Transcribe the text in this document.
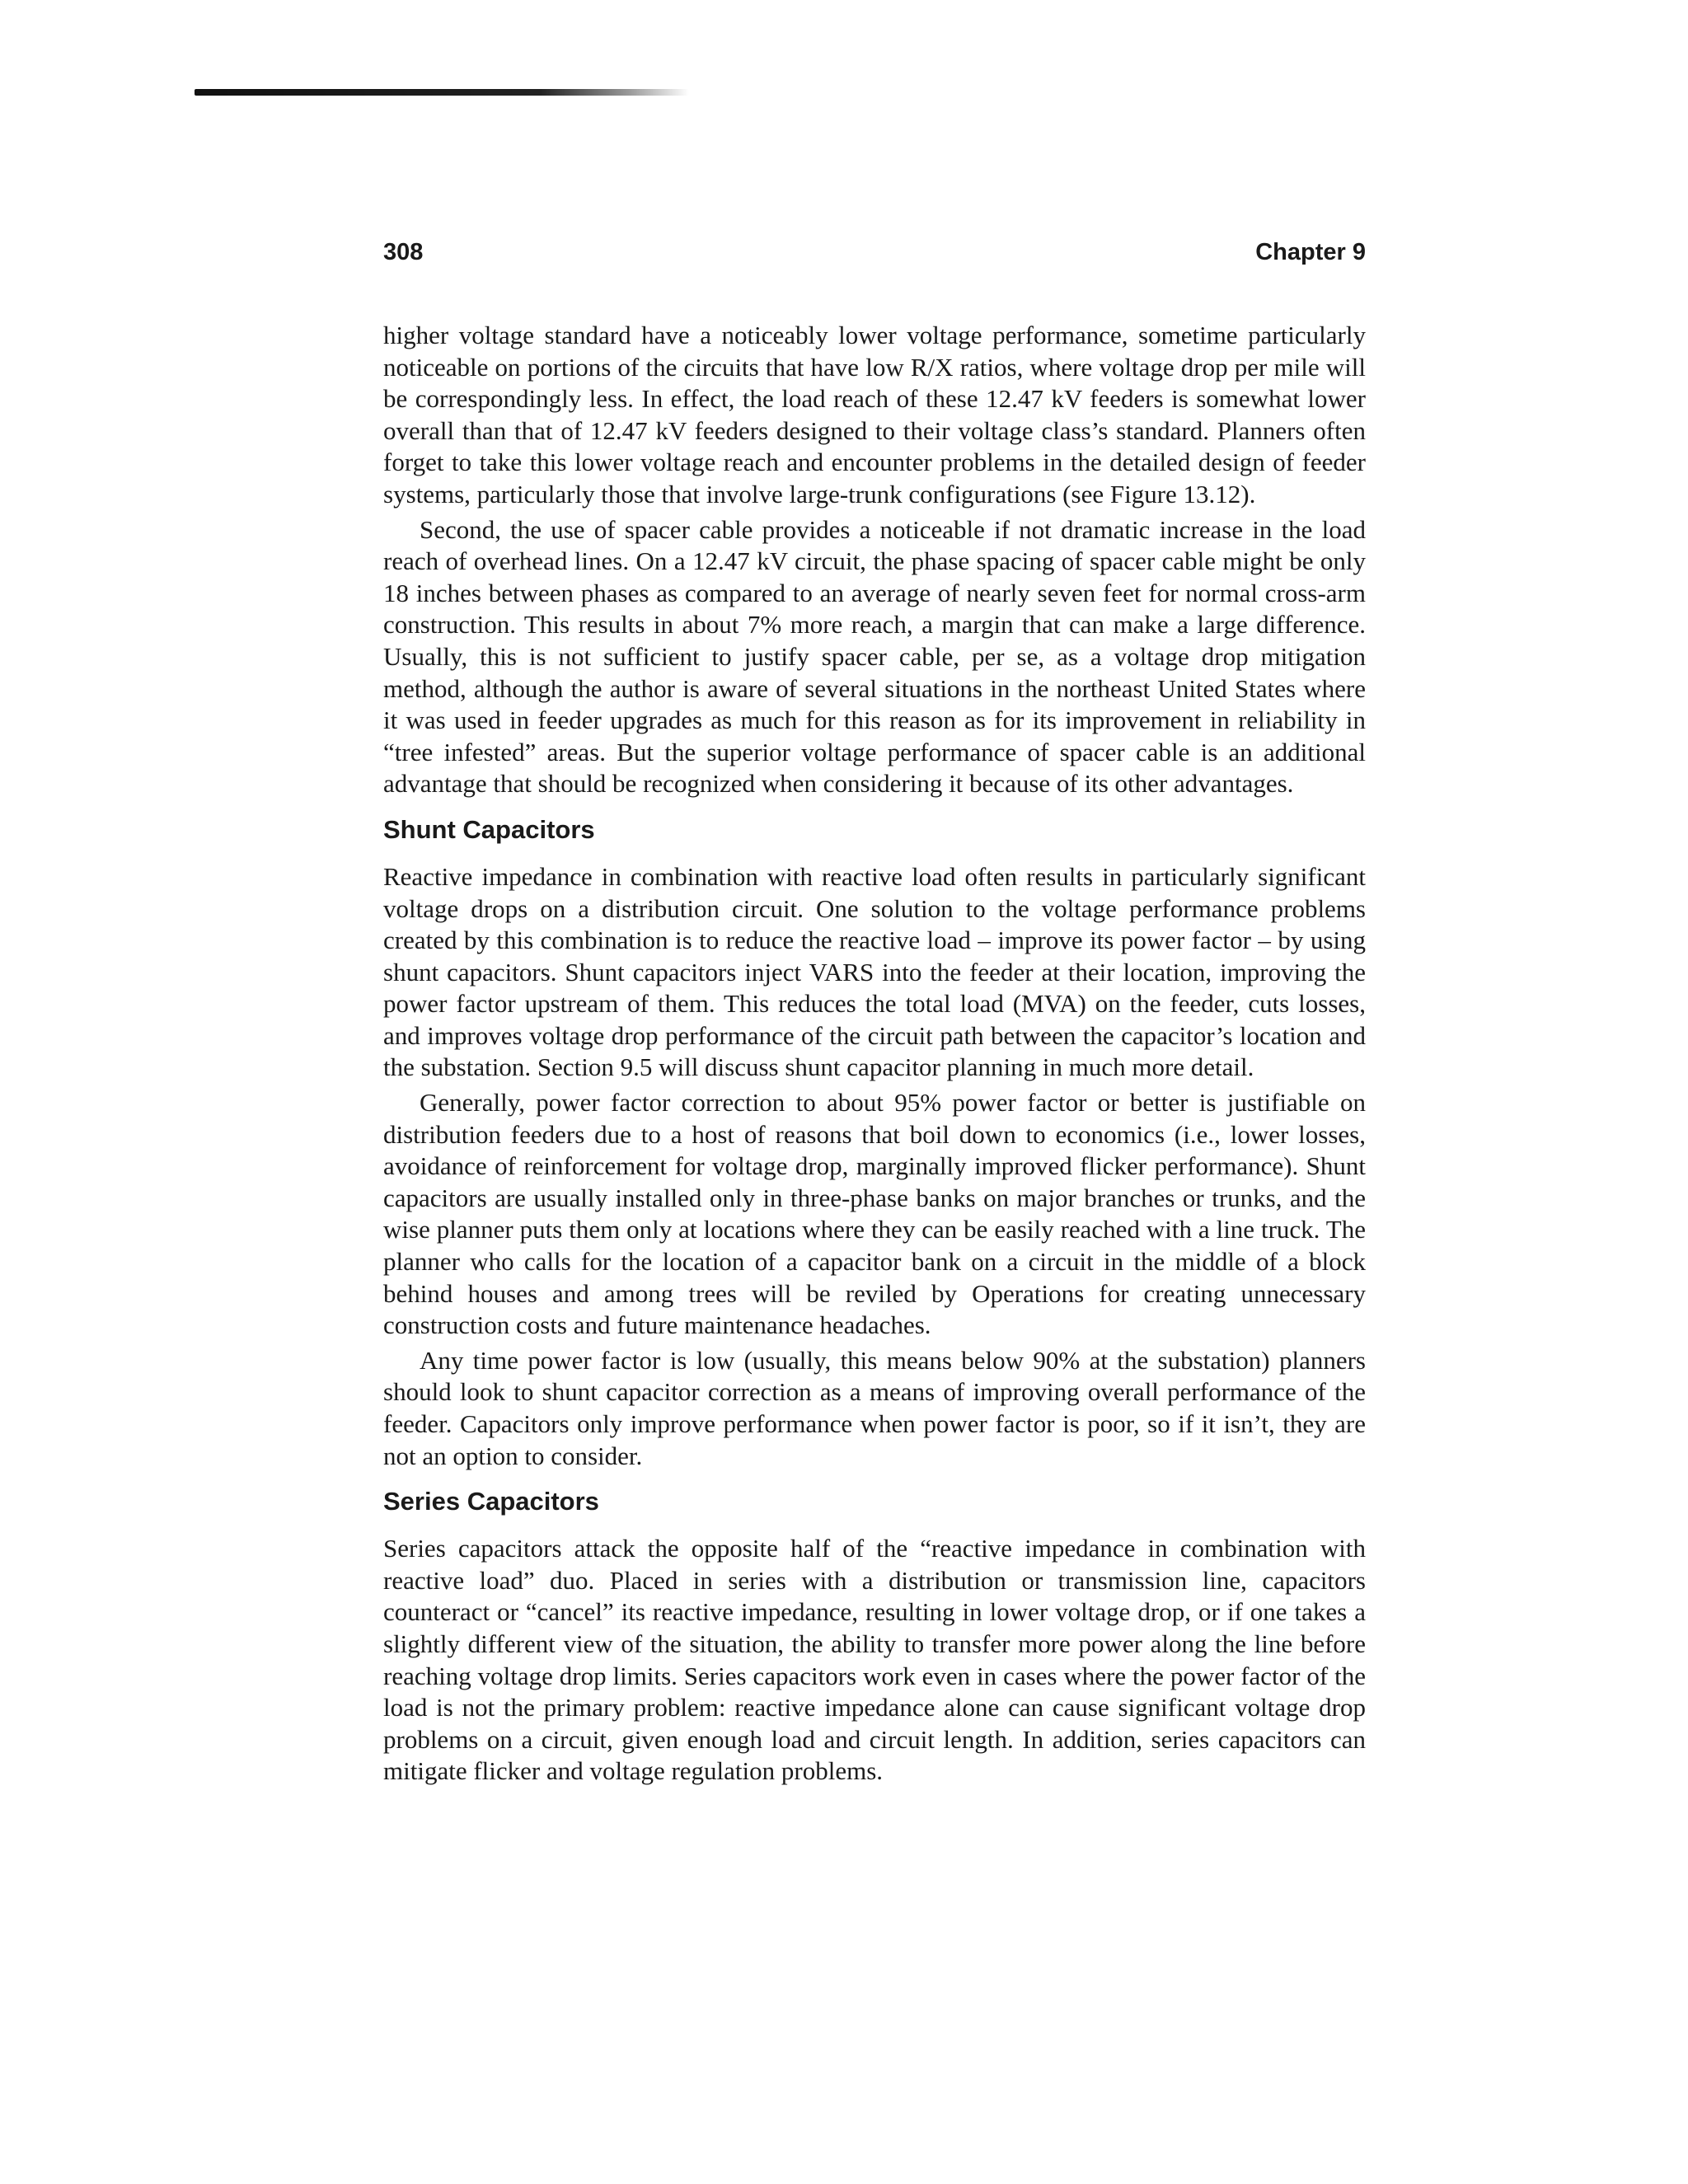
308	Chapter 9

higher voltage standard have a noticeably lower voltage performance, sometime particularly noticeable on portions of the circuits that have low R/X ratios, where voltage drop per mile will be correspondingly less. In effect, the load reach of these 12.47 kV feeders is somewhat lower overall than that of 12.47 kV feeders designed to their voltage class’s standard. Planners often forget to take this lower voltage reach and encounter problems in the detailed design of feeder systems, particularly those that involve large-trunk configurations (see Figure 13.12).

Second, the use of spacer cable provides a noticeable if not dramatic increase in the load reach of overhead lines. On a 12.47 kV circuit, the phase spacing of spacer cable might be only 18 inches between phases as compared to an average of nearly seven feet for normal cross-arm construction. This results in about 7% more reach, a margin that can make a large difference. Usually, this is not sufficient to justify spacer cable, per se, as a voltage drop mitigation method, although the author is aware of several situations in the northeast United States where it was used in feeder upgrades as much for this reason as for its improvement in reliability in “tree infested” areas. But the superior voltage performance of spacer cable is an additional advantage that should be recognized when considering it because of its other advantages.

Shunt Capacitors

Reactive impedance in combination with reactive load often results in particularly significant voltage drops on a distribution circuit. One solution to the voltage performance problems created by this combination is to reduce the reactive load – improve its power factor – by using shunt capacitors. Shunt capacitors inject VARS into the feeder at their location, improving the power factor upstream of them. This reduces the total load (MVA) on the feeder, cuts losses, and improves voltage drop performance of the circuit path between the capacitor’s location and the substation. Section 9.5 will discuss shunt capacitor planning in much more detail.

Generally, power factor correction to about 95% power factor or better is justifiable on distribution feeders due to a host of reasons that boil down to economics (i.e., lower losses, avoidance of reinforcement for voltage drop, marginally improved flicker performance). Shunt capacitors are usually installed only in three-phase banks on major branches or trunks, and the wise planner puts them only at locations where they can be easily reached with a line truck. The planner who calls for the location of a capacitor bank on a circuit in the middle of a block behind houses and among trees will be reviled by Operations for creating unnecessary construction costs and future maintenance headaches.

Any time power factor is low (usually, this means below 90% at the substation) planners should look to shunt capacitor correction as a means of improving overall performance of the feeder. Capacitors only improve performance when power factor is poor, so if it isn’t, they are not an option to consider.

Series Capacitors

Series capacitors attack the opposite half of the “reactive impedance in combination with reactive load” duo. Placed in series with a distribution or transmission line, capacitors counteract or “cancel” its reactive impedance, resulting in lower voltage drop, or if one takes a slightly different view of the situation, the ability to transfer more power along the line before reaching voltage drop limits. Series capacitors work even in cases where the power factor of the load is not the primary problem: reactive impedance alone can cause significant voltage drop problems on a circuit, given enough load and circuit length. In addition, series capacitors can mitigate flicker and voltage regulation problems.
